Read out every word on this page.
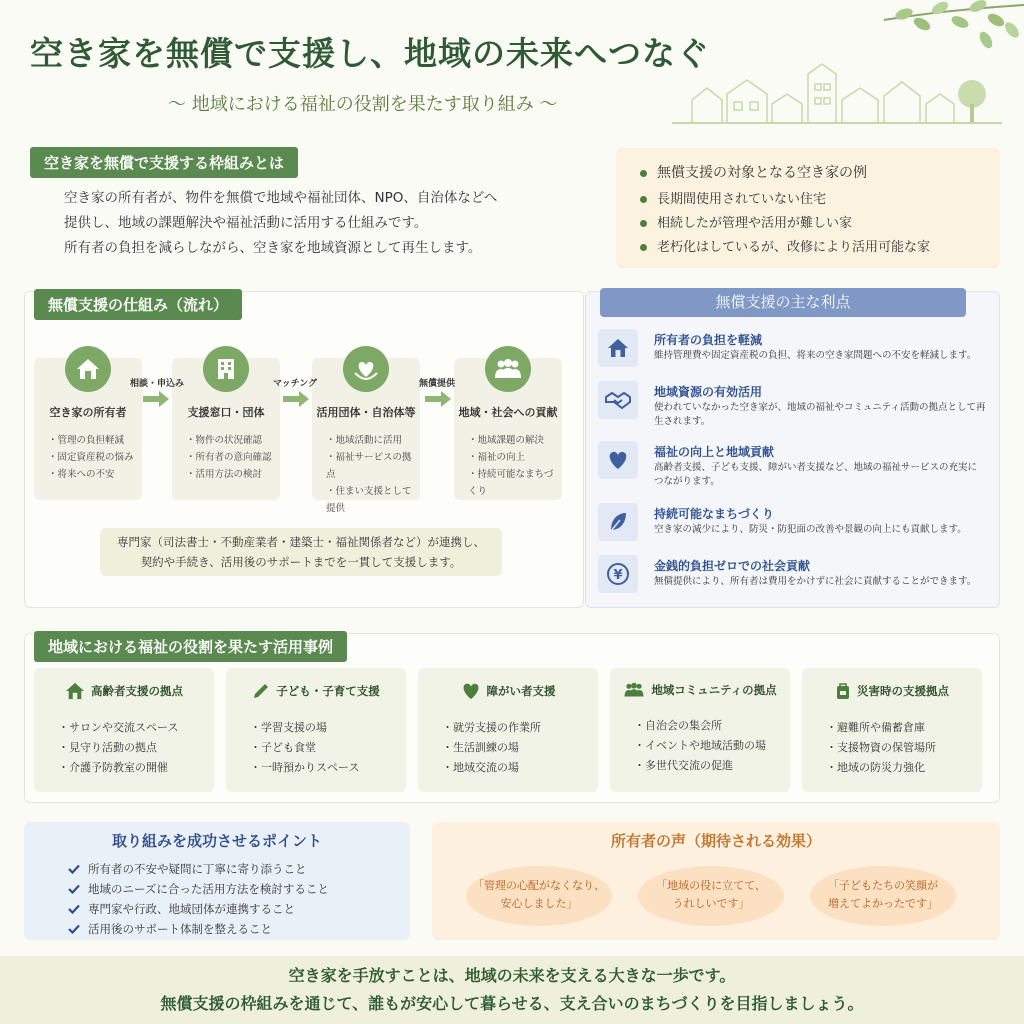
空き家を無償で支援し、地域の未来へつなぐ
〜 地域における福祉の役割を果たす取り組み 〜
空き家を無償で支援する枠組みとは
空き家の所有者が、物件を無償で地域や福祉団体、NPO、自治体などへ
提供し、地域の課題解決や福祉活動に活用する仕組みです。
所有者の負担を減らしながら、空き家を地域資源として再生します。
無償支援の対象となる空き家の例
長期間使用されていない住宅
相続したが管理や活用が難しい家
老朽化はしているが、改修により活用可能な家
無償支援の仕組み（流れ）
空き家の所有者
・管理の負担軽減
・固定資産税の悩み
・将来への不安
支援窓口・団体
・物件の状況確認
・所有者の意向確認
・活用方法の検討
活用団体・自治体等
・地域活動に活用
・福祉サービスの拠点
・住まい支援として提供
地域・社会への貢献
・地域課題の解決
・福祉の向上
・持続可能なまちづくり
相談・申込み	マッチング	無償提供
専門家（司法書士・不動産業者・建築士・福祉関係者など）が連携し、
契約や手続き、活用後のサポートまでを一貫して支援します。
無償支援の主な利点
所有者の負担を軽減
維持管理費や固定資産税の負担、将来の空き家問題への不安を軽減します。
地域資源の有効活用
使われていなかった空き家が、地域の福祉やコミュニティ活動の拠点として再生されます。
福祉の向上と地域貢献
高齢者支援、子ども支援、障がい者支援など、地域の福祉サービスの充実につながります。
持続可能なまちづくり
空き家の減少により、防災・防犯面の改善や景観の向上にも貢献します。
¥
金銭的負担ゼロでの社会貢献
無償提供により、所有者は費用をかけずに社会に貢献することができます。
地域における福祉の役割を果たす活用事例
高齢者支援の拠点
・サロンや交流スペース
・見守り活動の拠点
・介護予防教室の開催
子ども・子育て支援
・学習支援の場
・子ども食堂
・一時預かりスペース
障がい者支援
・就労支援の作業所
・生活訓練の場
・地域交流の場
地域コミュニティの拠点
・自治会の集会所
・イベントや地域活動の場
・多世代交流の促進
災害時の支援拠点
・避難所や備蓄倉庫
・支援物資の保管場所
・地域の防災力強化
取り組みを成功させるポイント
所有者の不安や疑問に丁寧に寄り添うこと
地域のニーズに合った活用方法を検討すること
専門家や行政、地域団体が連携すること
活用後のサポート体制を整えること
所有者の声（期待される効果）
「管理の心配がなくなり、
安心しました」
「地域の役に立てて、
うれしいです」
「子どもたちの笑顔が
増えてよかったです」
空き家を手放すことは、地域の未来を支える大きな一歩です。
無償支援の枠組みを通じて、誰もが安心して暮らせる、支え合いのまちづくりを目指しましょう。
